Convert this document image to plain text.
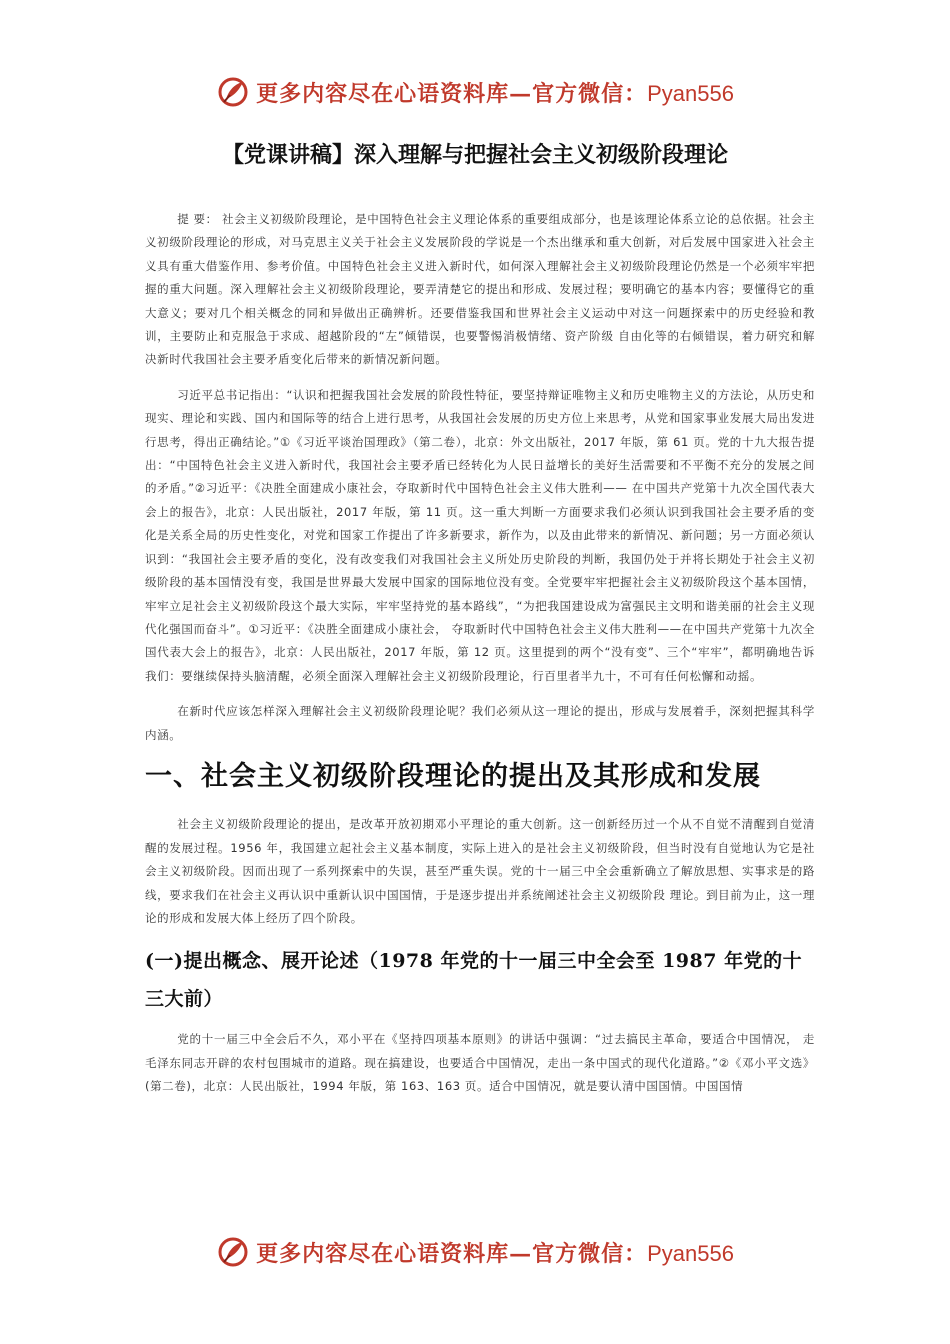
更多内容尽在心语资料库—官方微信：Pyan556
【党课讲稿】深入理解与把握社会主义初级阶段理论

提 要： 社会主义初级阶段理论，是中国特色社会主义理论体系的重要组成部分，也是该理论体系立论的总依据。社会主义初级阶段理论的形成，对马克思主义关于社会主义发展阶段的学说是一个杰出继承和重大创新，对后发展中国家进入社会主义具有重大借鉴作用、参考价值。中国特色社会主义进入新时代，如何深入理解社会主义初级阶段理论仍然是一个必须牢牢把握的重大问题。深入理解社会主义初级阶段理论，要弄清楚它的提出和形成、发展过程；要明确它的基本内容；要懂得它的重大意义；要对几个相关概念的同和异做出正确辨析。还要借鉴我国和世界社会主义运动中对这一问题探索中的历史经验和教训，主要防止和克服急于求成、超越阶段的“左”倾错误，也要警惕消极情绪、资产阶级 自由化等的右倾错误，着力研究和解决新时代我国社会主要矛盾变化后带来的新情况新问题。

习近平总书记指出：“认识和把握我国社会发展的阶段性特征，要坚持辩证唯物主义和历史唯物主义的方法论，从历史和现实、理论和实践、国内和国际等的结合上进行思考，从我国社会发展的历史方位上来思考，从党和国家事业发展大局出发进行思考，得出正确结论。”①《习近平谈治国理政》（第二卷），北京：外文出版社，2017 年版，第 61 页。党的十九大报告提出：“中国特色社会主义进入新时代，我国社会主要矛盾已经转化为人民日益增长的美好生活需要和不平衡不充分的发展之间的矛盾。”②习近平：《决胜全面建成小康社会，夺取新时代中国特色社会主义伟大胜利—— 在中国共产党第十九次全国代表大会上的报告》，北京：人民出版社，2017 年版，第 11 页。这一重大判断一方面要求我们必须认识到我国社会主要矛盾的变化是关系全局的历史性变化，对党和国家工作提出了许多新要求，新作为，以及由此带来的新情况、新问题；另一方面必须认识到：“我国社会主要矛盾的变化，没有改变我们对我国社会主义所处历史阶段的判断，我国仍处于并将长期处于社会主义初级阶段的基本国情没有变，我国是世界最大发展中国家的国际地位没有变。全党要牢牢把握社会主义初级阶段这个基本国情，牢牢立足社会主义初级阶段这个最大实际，牢牢坚持党的基本路线”，“为把我国建设成为富强民主文明和谐美丽的社会主义现代化强国而奋斗”。①习近平：《决胜全面建成小康社会， 夺取新时代中国特色社会主义伟大胜利——在中国共产党第十九次全国代表大会上的报告》，北京：人民出版社，2017 年版，第 12 页。这里提到的两个“没有变”、三个“牢牢”，都明确地告诉我们：要继续保持头脑清醒，必须全面深入理解社会主义初级阶段理论，行百里者半九十，不可有任何松懈和动摇。

在新时代应该怎样深入理解社会主义初级阶段理论呢？我们必须从这一理论的提出，形成与发展着手，深刻把握其科学内涵。

一、社会主义初级阶段理论的提出及其形成和发展

社会主义初级阶段理论的提出，是改革开放初期邓小平理论的重大创新。这一创新经历过一个从不自觉不清醒到自觉清醒的发展过程。1956 年，我国建立起社会主义基本制度，实际上进入的是社会主义初级阶段，但当时没有自觉地认为它是社会主义初级阶段。因而出现了一系列探索中的失误，甚至严重失误。党的十一届三中全会重新确立了解放思想、实事求是的路线，要求我们在社会主义再认识中重新认识中国国情，于是逐步提出并系统阐述社会主义初级阶段 理论。到目前为止，这一理论的形成和发展大体上经历了四个阶段。

(一)提出概念、展开论述（1978 年党的十一届三中全会至 1987 年党的十三大前）

党的十一届三中全会后不久，邓小平在《坚持四项基本原则》的讲话中强调：“过去搞民主革命，要适合中国情况， 走毛泽东同志开辟的农村包围城市的道路。现在搞建设，也要适合中国情况，走出一条中国式的现代化道路。”②《邓小平文选》(第二卷)，北京：人民出版社，1994 年版，第 163、163 页。适合中国情况，就是要认清中国国情。中国国情

更多内容尽在心语资料库—官方微信：Pyan556
